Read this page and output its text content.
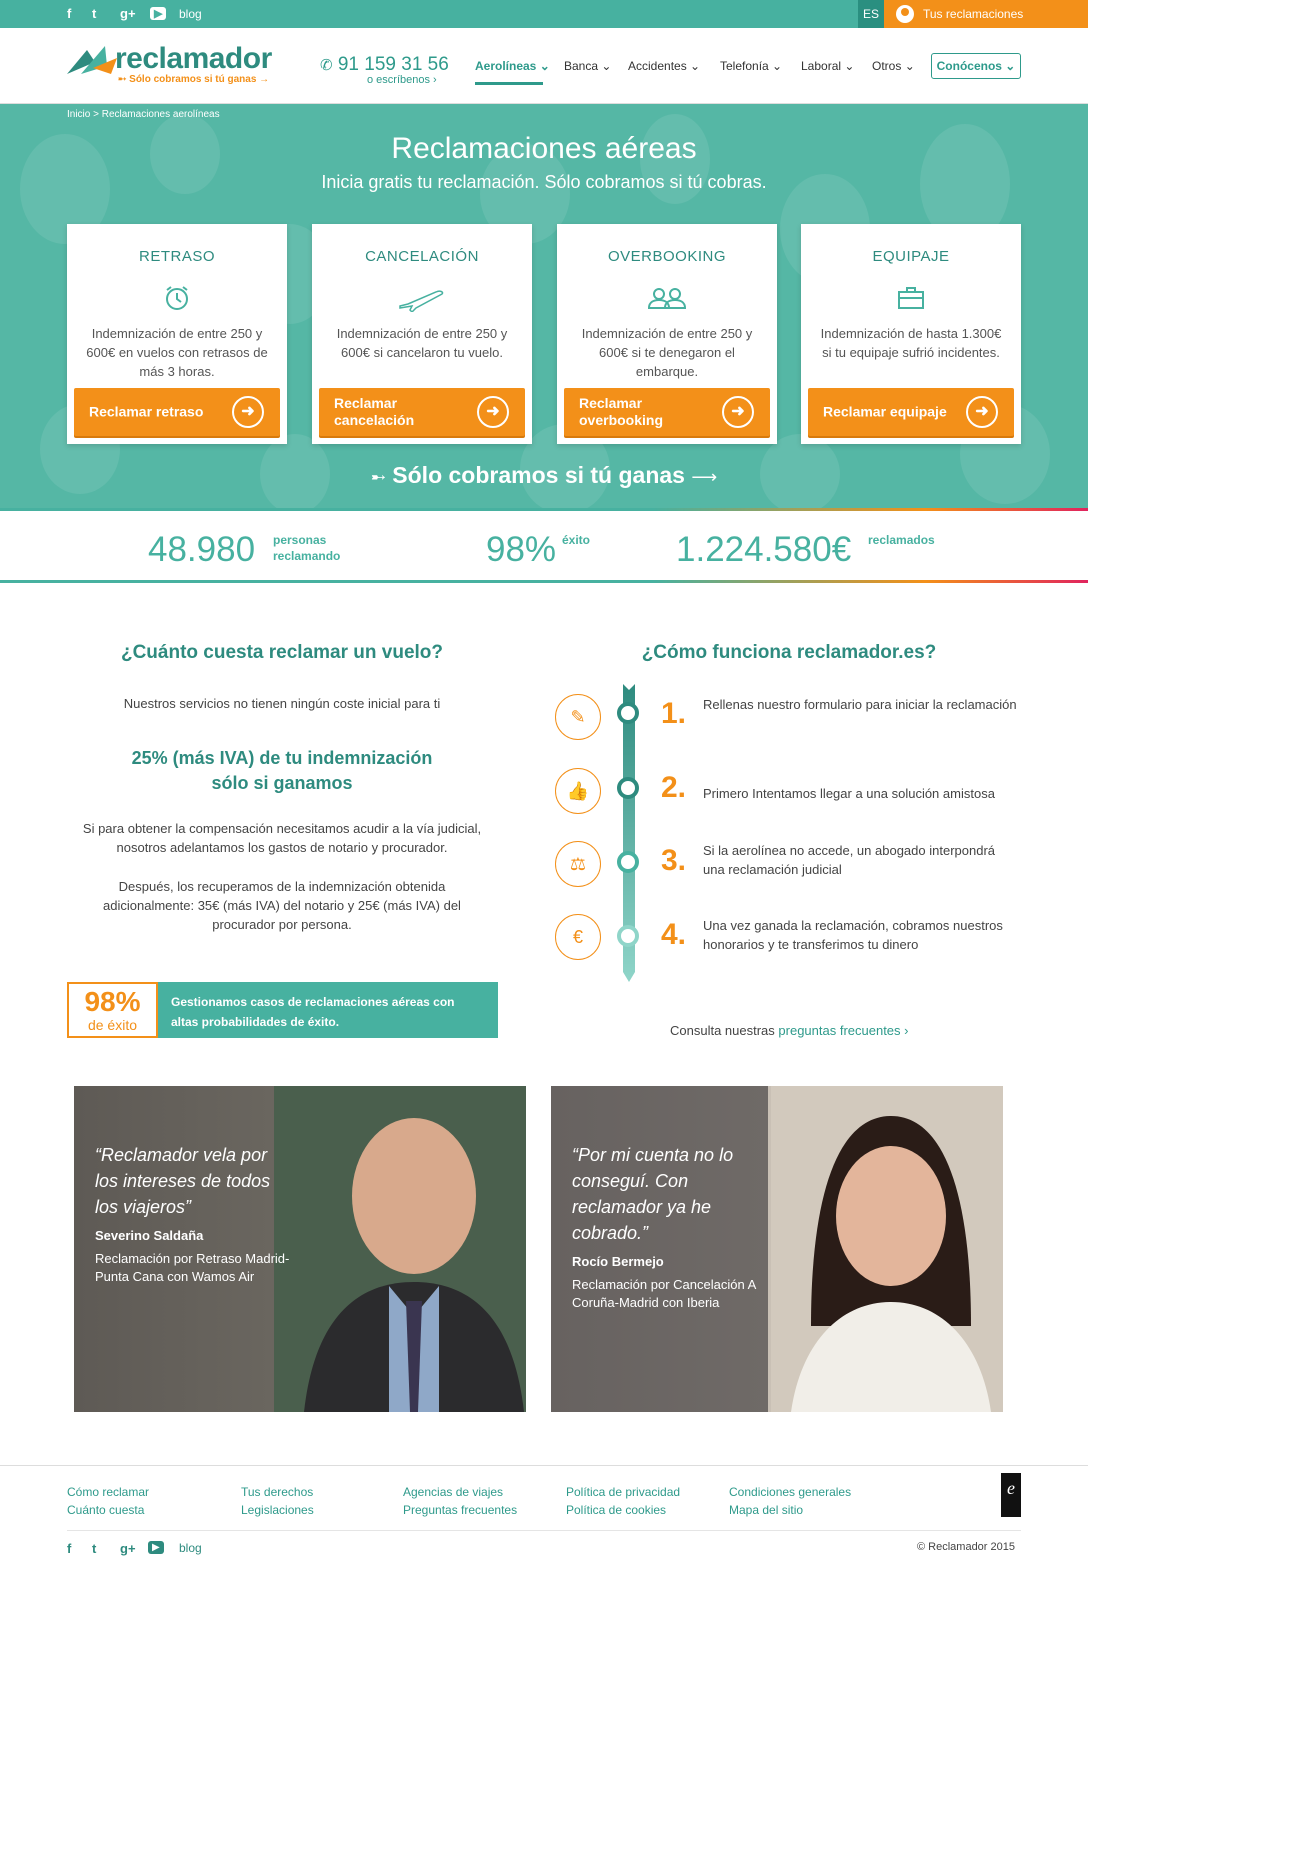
f t g+	▶	blog	ES	Tus reclamaciones
reclamador
➸ Sólo cobramos si tú ganas →
✆ 91 159 31 56
o escríbenos ›
Aerolíneas ⌄ Banca ⌄ Accidentes ⌄ Telefonía ⌄ Laboral ⌄ Otros ⌄	Conócenos ⌄
Inicio > Reclamaciones aerolíneas
Reclamaciones aéreas
Inicia gratis tu reclamación. Sólo cobramos si tú cobras.
RETRASO

Indemnización de entre 250 y 600€ en vuelos con retrasos de más 3 horas.

Reclamar retraso	➜
CANCELACIÓN

Indemnización de entre 250 y 600€ si cancelaron tu vuelo.

Reclamar cancelación	➜
OVERBOOKING

Indemnización de entre 250 y 600€ si te denegaron el embarque.

Reclamar overbooking	➜
EQUIPAJE

Indemnización de hasta 1.300€ si tu equipaje sufrió incidentes.

Reclamar equipaje	➜
➸ Sólo cobramos si tú ganas ⟶
48.980 personas
reclamando	98% éxito 1.224.580€ reclamados
¿Cuánto cuesta reclamar un vuelo?
Nuestros servicios no tienen ningún coste inicial para ti
25% (más IVA) de tu indemnización
sólo si ganamos
Si para obtener la compensación necesitamos acudir a la vía judicial, nosotros adelantamos los gastos de notario y procurador.
Después, los recuperamos de la indemnización obtenida adicionalmente: 35€ (más IVA) del notario y 25€ (más IVA) del procurador por persona.
98%
de éxito
Gestionamos casos de reclamaciones aéreas con altas probabilidades de éxito.
¿Cómo funciona reclamador.es?
✎	1. Rellenas nuestro formulario para iniciar la reclamación
👍	2. Primero Intentamos llegar a una solución amistosa
⚖	3. Si la aerolínea no accede, un abogado interpondrá una reclamación judicial
€	4. Una vez ganada la reclamación, cobramos nuestros honorarios y te transferimos tu dinero
Consulta nuestras preguntas frecuentes ›
“Reclamador vela por los intereses de todos los viajeros”
Severino Saldaña
Reclamación por Retraso Madrid-Punta Cana con Wamos Air
“Por mi cuenta no lo conseguí. Con reclamador ya he cobrado.”
Rocío Bermejo
Reclamación por Cancelación A Coruña-Madrid con Iberia
Cómo reclamar
Cuánto cuesta
Tus derechos
Legislaciones
Agencias de viajes
Preguntas frecuentes
Política de privacidad
Política de cookies
Condiciones generales
Mapa del sitio
e
f t g+	▶	blog	© Reclamador 2015
